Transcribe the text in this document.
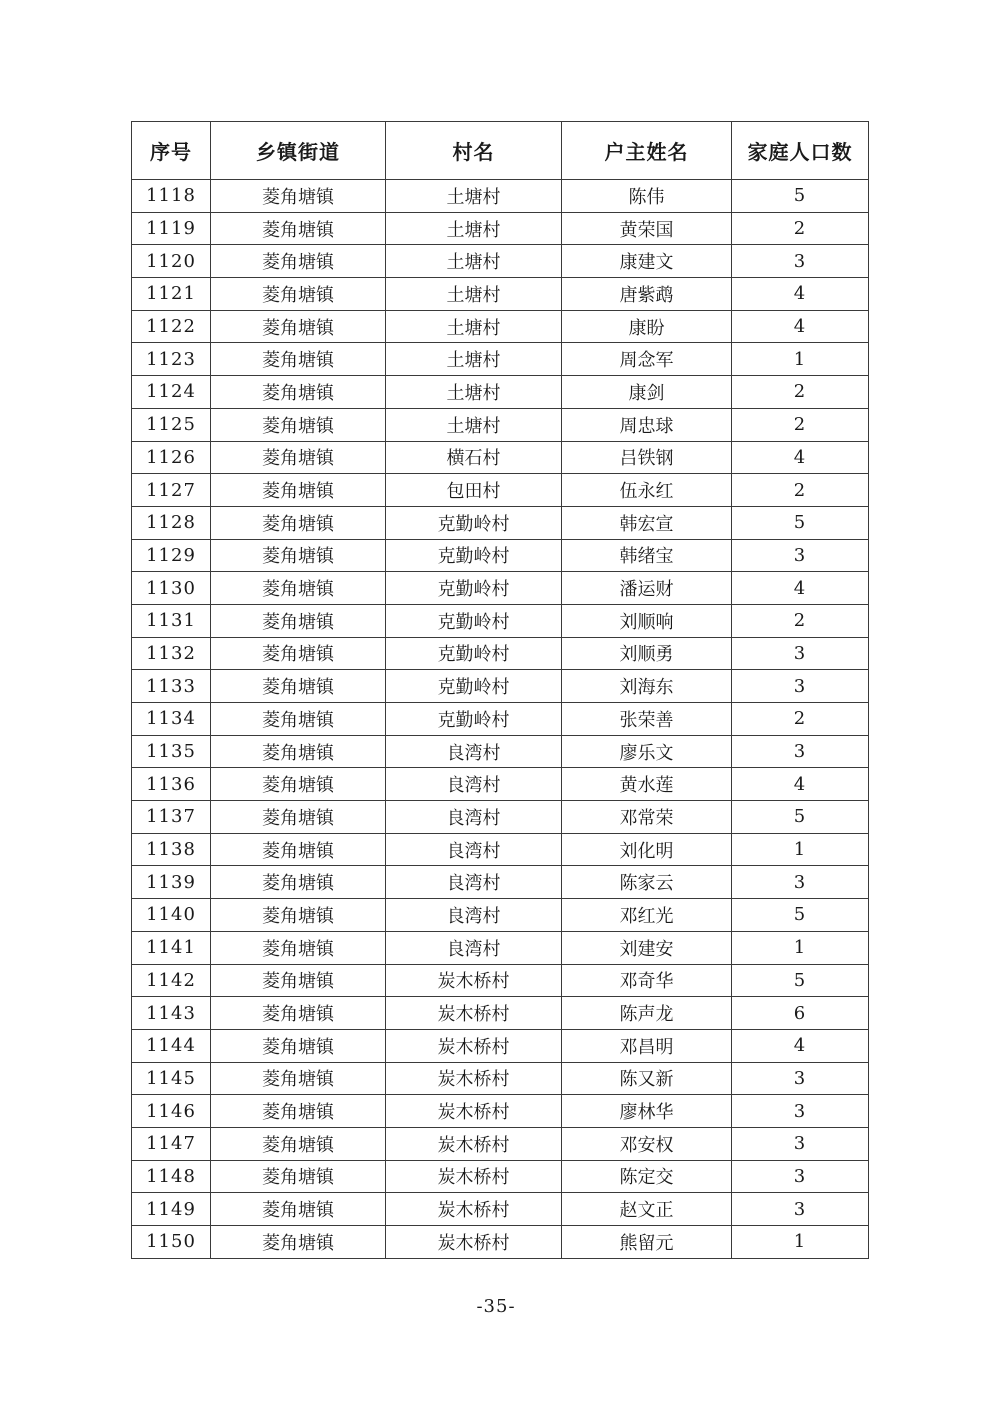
序号	乡镇街道	村名	户主姓名	家庭人口数
1118	菱角塘镇	土塘村	陈伟	5
1119	菱角塘镇	土塘村	黄荣国	2
1120	菱角塘镇	土塘村	康建文	3
1121	菱角塘镇	土塘村	唐紫鹉	4
1122	菱角塘镇	土塘村	康盼	4
1123	菱角塘镇	土塘村	周念军	1
1124	菱角塘镇	土塘村	康剑	2
1125	菱角塘镇	土塘村	周忠球	2
1126	菱角塘镇	横石村	吕铁钢	4
1127	菱角塘镇	包田村	伍永红	2
1128	菱角塘镇	克勤岭村	韩宏宣	5
1129	菱角塘镇	克勤岭村	韩绪宝	3
1130	菱角塘镇	克勤岭村	潘运财	4
1131	菱角塘镇	克勤岭村	刘顺响	2
1132	菱角塘镇	克勤岭村	刘顺勇	3
1133	菱角塘镇	克勤岭村	刘海东	3
1134	菱角塘镇	克勤岭村	张荣善	2
1135	菱角塘镇	良湾村	廖乐文	3
1136	菱角塘镇	良湾村	黄水莲	4
1137	菱角塘镇	良湾村	邓常荣	5
1138	菱角塘镇	良湾村	刘化明	1
1139	菱角塘镇	良湾村	陈家云	3
1140	菱角塘镇	良湾村	邓红光	5
1141	菱角塘镇	良湾村	刘建安	1
1142	菱角塘镇	炭木桥村	邓奇华	5
1143	菱角塘镇	炭木桥村	陈声龙	6
1144	菱角塘镇	炭木桥村	邓昌明	4
1145	菱角塘镇	炭木桥村	陈又新	3
1146	菱角塘镇	炭木桥村	廖林华	3
1147	菱角塘镇	炭木桥村	邓安权	3
1148	菱角塘镇	炭木桥村	陈定交	3
1149	菱角塘镇	炭木桥村	赵文正	3
1150	菱角塘镇	炭木桥村	熊留元	1
-35-
